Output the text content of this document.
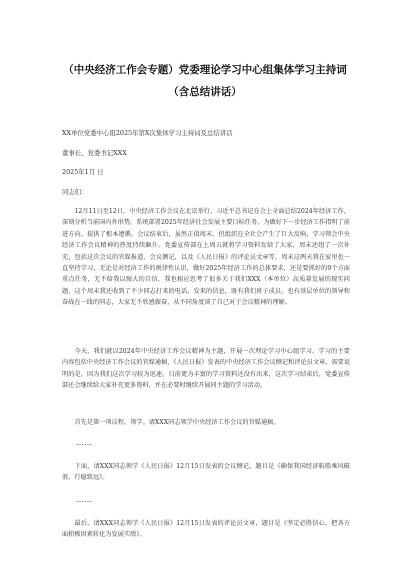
（中央经济工作会专题）党委理论学习中心组集体学习主持词
（含总结讲话）
XX单位党委中心组2025年第X次集体学习主持词及总结讲话
董事长、党委书记XXX
2025年1月 日
同志们：

12月11日至12日，中央经济工作会议在北京举行。习近平总书记在会上全面总结2024年经济工作，深刻分析当前国内外形势，系统部署2025年经济社会发展主要目标任务，为做好下一步经济工作指明了前进方向、提供了根本遵循。会议结束后，虽然正值周末，但组织在全社会产生了巨大反响，学习领会中央经济工作会议精神的热度持续飙升。党委宣传部在上周五就将学习资料发给了大家，周末还组了一次补充，包括这次会议的官媒报道、会议侧记，以及《人民日报》的评论员文章等，周末这两天我在家里也一直坚持学习，无论是对经济工作的规律性认识，做好2025年经济工作的总体要求，还是要抓好的9个方面重点任务，无不给我以强大的自信，我也相应思考了很多关于我们XXX（本单位）高质量发展的现实问题，这个周末我还收到了不少同志打来的电话，发来的信息，既有我们班子成员，也有基层单位的领导和奋战在一线的同志，大家无不欣感振奋，从不同角度谈了自己对于会议精神的理解。

今天，我们就以2024年中央经济工作会议精神为主题，开展一次理论学习中心组学习。学习的主要内容包括中央经济工作会议的官媒通稿、《人民日报》发表的中央经济工作会议侧记和评论员文章。需要说明的是，因为我们这次学习较为迅速，目前更为丰富的学习资料还没有出来，这次学习结束后，党委宣传部还会继续给大家补充更多资料，并在必要时继续开展同主题的学习活动。

首先是第一项议程，领学。请XXX同志领学中央经济工作会议的官媒通稿。

……

下面，请XXX同志领学《人民日报》12月15日发表的会议侧记，题目是《确保我国经济航船乘风破浪、行稳致远》。

……

最后，请XXX同志领学《人民日报》12月15日发表的评论员文章，题目是《坚定必胜信心，把各方面积极因素转化为发展实绩》。
